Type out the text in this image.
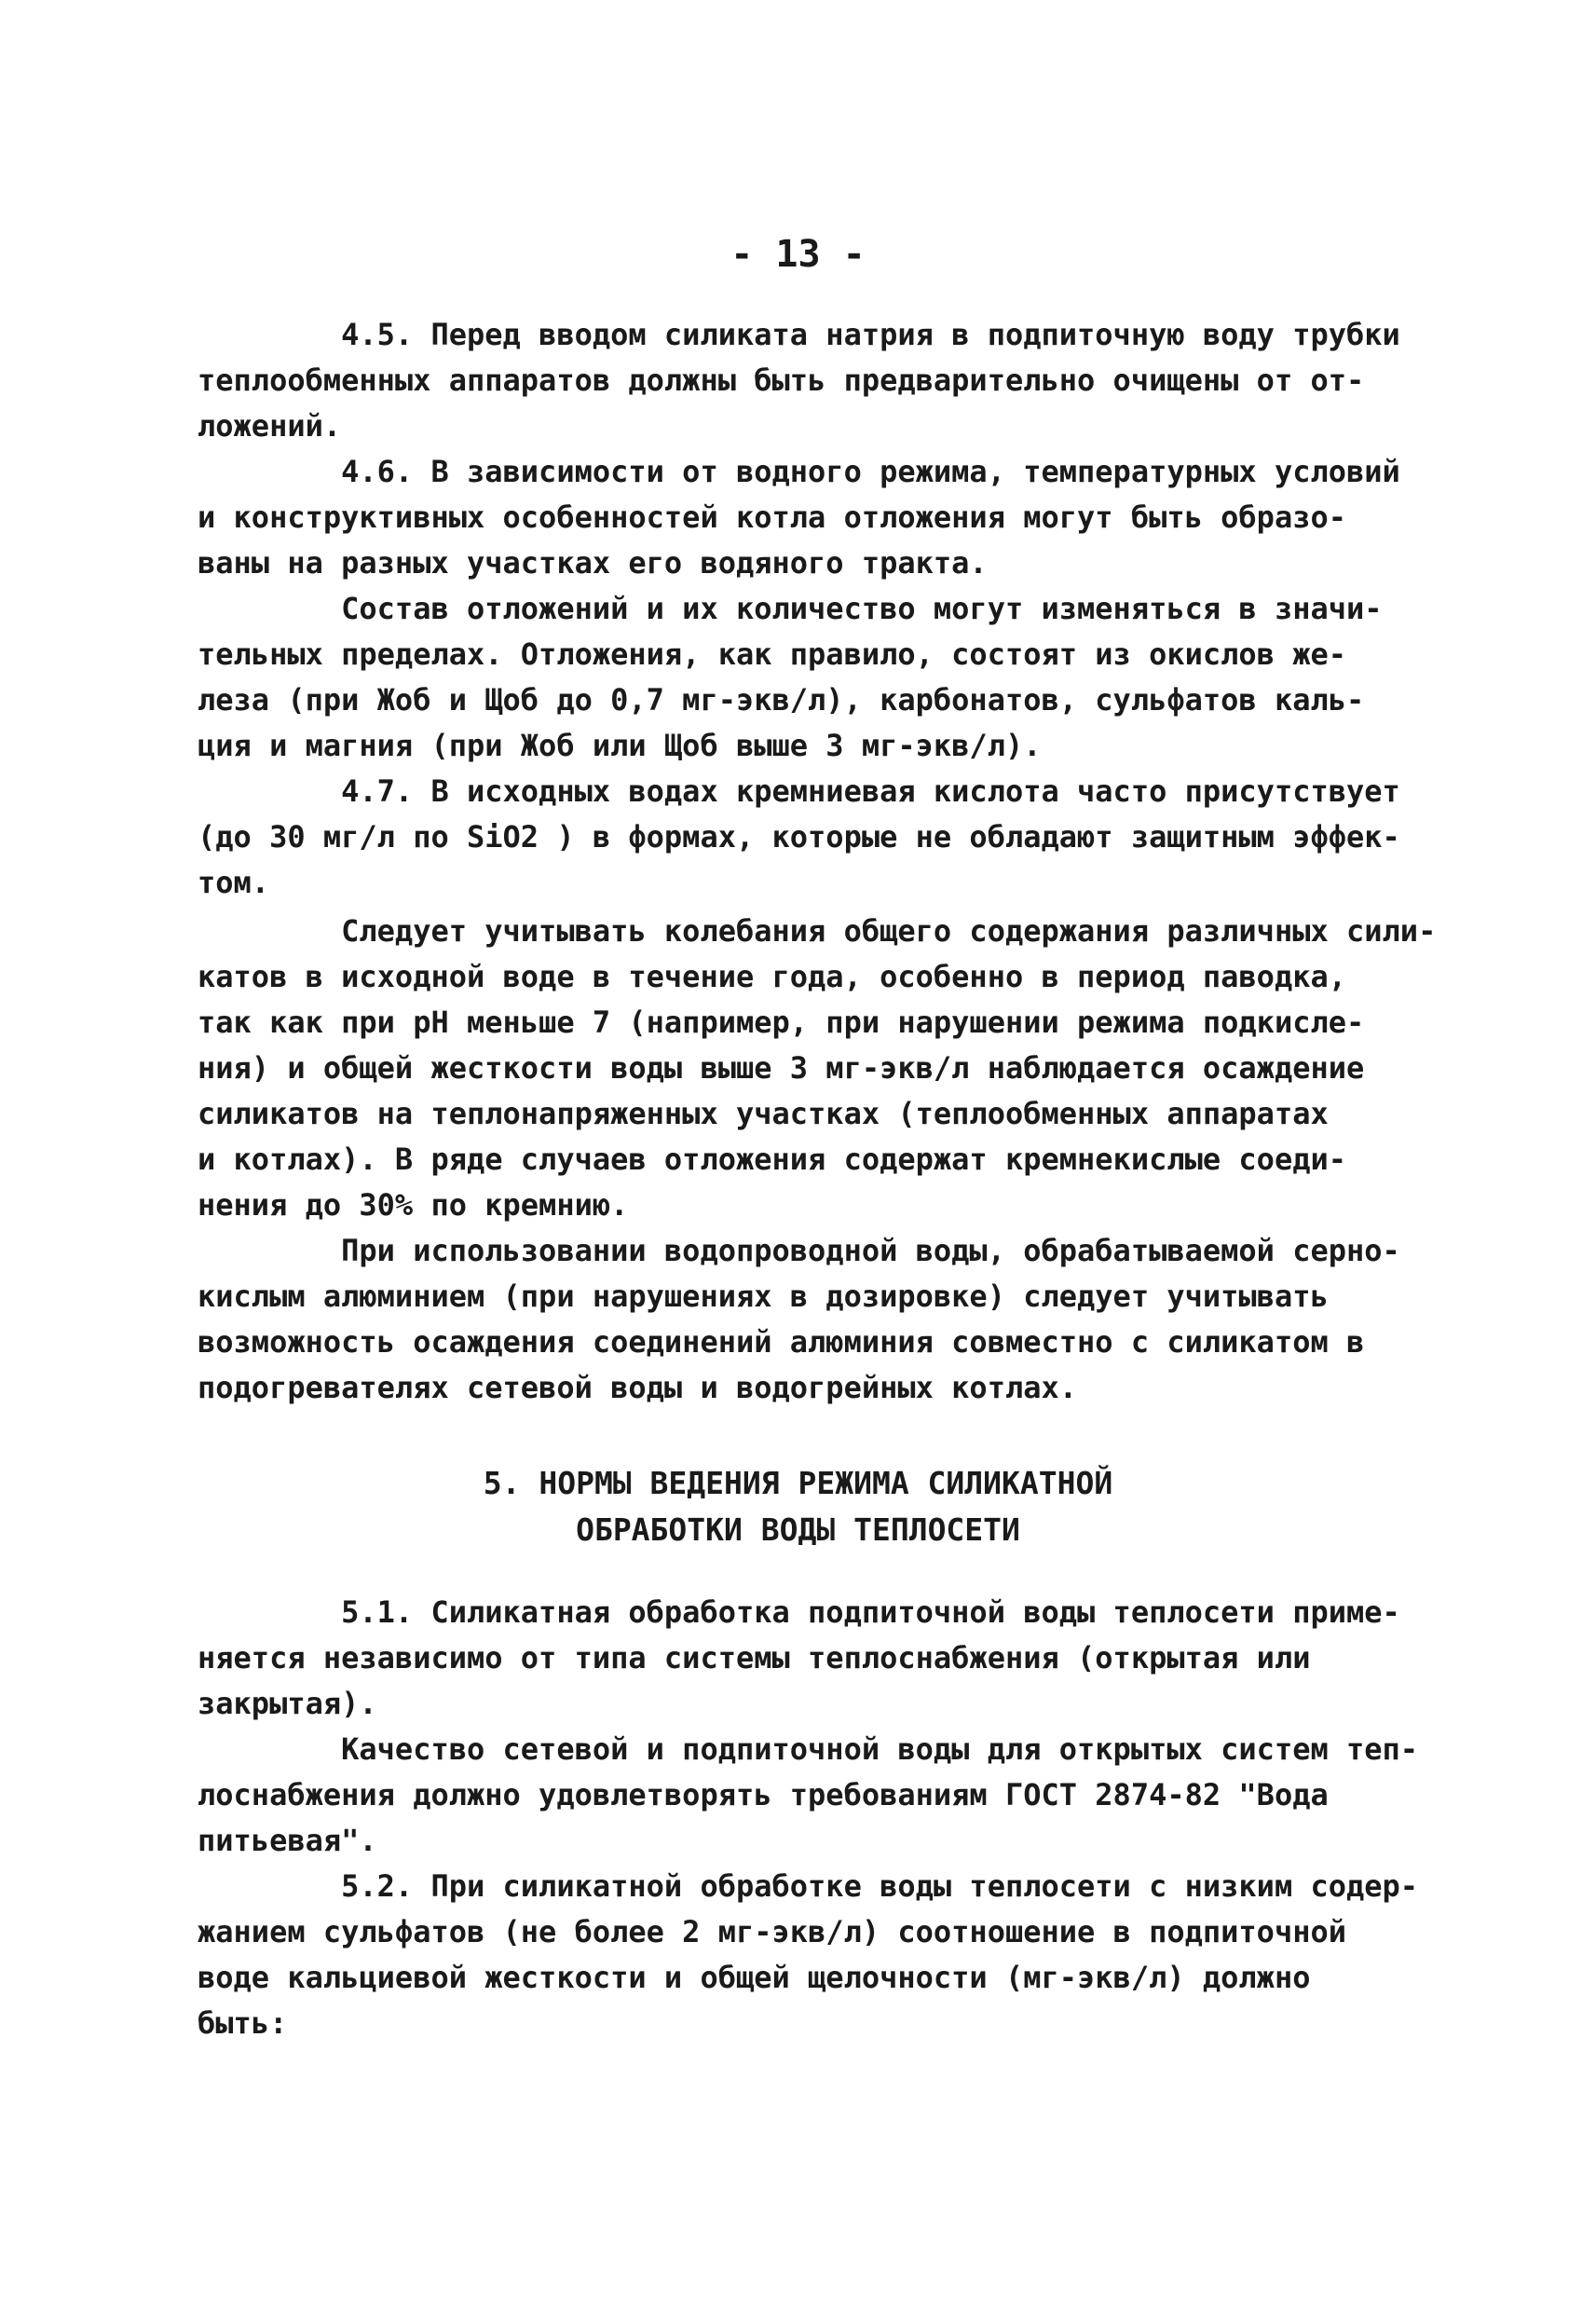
- 13 -
4.5. Перед вводом силиката натрия в подпиточную воду трубки
теплообменных аппаратов должны быть предварительно очищены от от-
ложений.
4.6. В зависимости от водного режима, температурных условий
и конструктивных особенностей котла отложения могут быть образо-
ваны на разных участках его водяного тракта.
Состав отложений и их количество могут изменяться в значи-
тельных пределах. Отложения, как правило, состоят из окислов же-
леза (при Жоб и Щоб до 0,7 мг-экв/л), карбонатов, сульфатов каль-
ция и магния (при Жоб или Щоб выше 3 мг-экв/л).
4.7. В исходных водах кремниевая кислота часто присутствует
(до 30 мг/л по SiO2 ) в формах, которые не обладают защитным эффек-
том.
Следует учитывать колебания общего содержания различных сили-
катов в исходной воде в течение года, особенно в период паводка,
так как при pH меньше 7 (например, при нарушении режима подкисле-
ния) и общей жесткости воды выше 3 мг-экв/л наблюдается осаждение
силикатов на теплонапряженных участках (теплообменных аппаратах
и котлах). В ряде случаев отложения содержат кремнекислые соеди-
нения до 30% по кремнию.
При использовании водопроводной воды, обрабатываемой серно-
кислым алюминием (при нарушениях в дозировке) следует учитывать
возможность осаждения соединений алюминия совместно с силикатом в
подогревателях сетевой воды и водогрейных котлах.
5. НОРМЫ ВЕДЕНИЯ РЕЖИМА СИЛИКАТНОЙ
ОБРАБОТКИ ВОДЫ ТЕПЛОСЕТИ
5.1. Силикатная обработка подпиточной воды теплосети приме-
няется независимо от типа системы теплоснабжения (открытая или
закрытая).
Качество сетевой и подпиточной воды для открытых систем теп-
лоснабжения должно удовлетворять требованиям ГОСТ 2874-82 "Вода
питьевая".
5.2. При силикатной обработке воды теплосети с низким содер-
жанием сульфатов (не более 2 мг-экв/л) соотношение в подпиточной
воде кальциевой жесткости и общей щелочности (мг-экв/л) должно
быть:
